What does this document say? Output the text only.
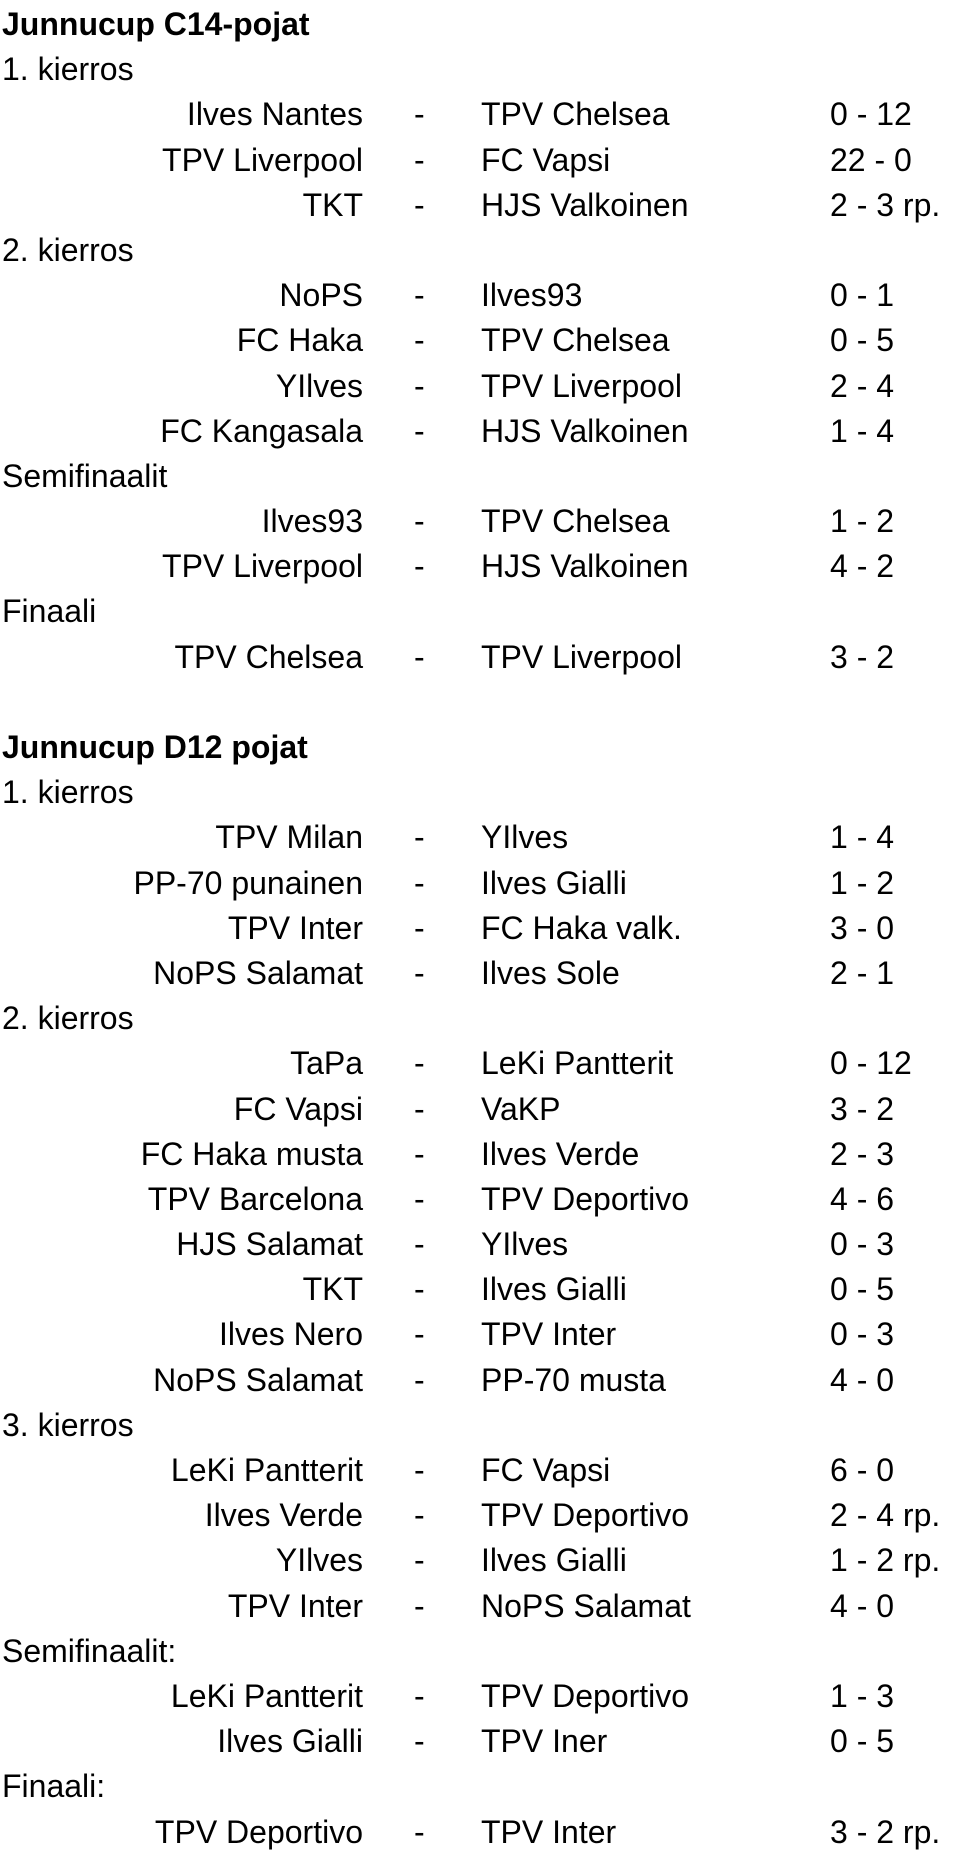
Junnucup C14-pojat
1. kierros
Ilves Nantes - TPV Chelsea	0 - 12
TPV Liverpool - FC Vapsi	22 - 0
TKT - HJS Valkoinen	2 - 3 rp.
2. kierros
NoPS - Ilves93	0 - 1
FC Haka - TPV Chelsea	0 - 5
YIlves - TPV Liverpool	2 - 4
FC Kangasala - HJS Valkoinen	1 - 4
Semifinaalit
Ilves93 - TPV Chelsea	1 - 2
TPV Liverpool - HJS Valkoinen	4 - 2
Finaali
TPV Chelsea - TPV Liverpool	3 - 2
Junnucup D12 pojat
1. kierros
TPV Milan - YIlves	1 - 4
PP-70 punainen - Ilves Gialli	1 - 2
TPV Inter - FC Haka valk.	3 - 0
NoPS Salamat - Ilves Sole	2 - 1
2. kierros
TaPa - LeKi Pantterit	0 - 12
FC Vapsi - VaKP	3 - 2
FC Haka musta - Ilves Verde	2 - 3
TPV Barcelona - TPV Deportivo	4 - 6
HJS Salamat - YIlves	0 - 3
TKT - Ilves Gialli	0 - 5
Ilves Nero - TPV Inter	0 - 3
NoPS Salamat - PP-70 musta	4 - 0
3. kierros
LeKi Pantterit - FC Vapsi	6 - 0
Ilves Verde - TPV Deportivo	2 - 4 rp.
YIlves - Ilves Gialli	1 - 2 rp.
TPV Inter - NoPS Salamat	4 - 0
Semifinaalit:
LeKi Pantterit - TPV Deportivo	1 - 3
Ilves Gialli - TPV Iner	0 - 5
Finaali:
TPV Deportivo - TPV Inter	3 - 2 rp.
